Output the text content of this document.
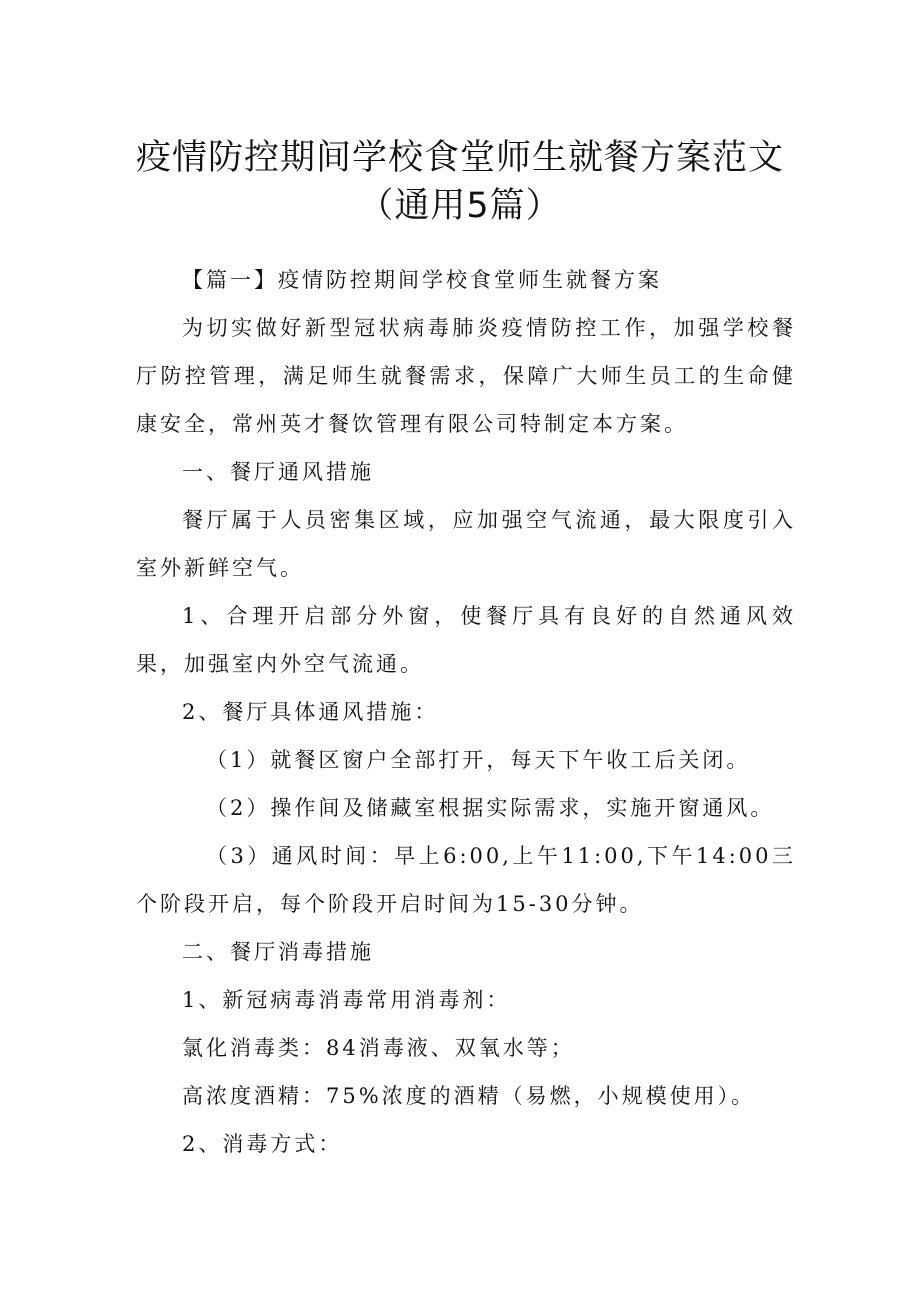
疫情防控期间学校食堂师生就餐方案范文
（通用5篇）

【篇一】疫情防控期间学校食堂师生就餐方案

为切实做好新型冠状病毒肺炎疫情防控工作，加强学校餐厅防控管理，满足师生就餐需求，保障广大师生员工的生命健康安全，常州英才餐饮管理有限公司特制定本方案。

一、餐厅通风措施

餐厅属于人员密集区域，应加强空气流通，最大限度引入室外新鲜空气。

1、合理开启部分外窗，使餐厅具有良好的自然通风效果，加强室内外空气流通。

2、餐厅具体通风措施：

（1）就餐区窗户全部打开，每天下午收工后关闭。

（2）操作间及储藏室根据实际需求，实施开窗通风。

（3）通风时间：早上6:00,上午11:00,下午14:00三个阶段开启，每个阶段开启时间为15-30分钟。

二、餐厅消毒措施

1、新冠病毒消毒常用消毒剂：

氯化消毒类：84消毒液、双氧水等；

高浓度酒精：75%浓度的酒精（易燃，小规模使用）。

2、消毒方式：
